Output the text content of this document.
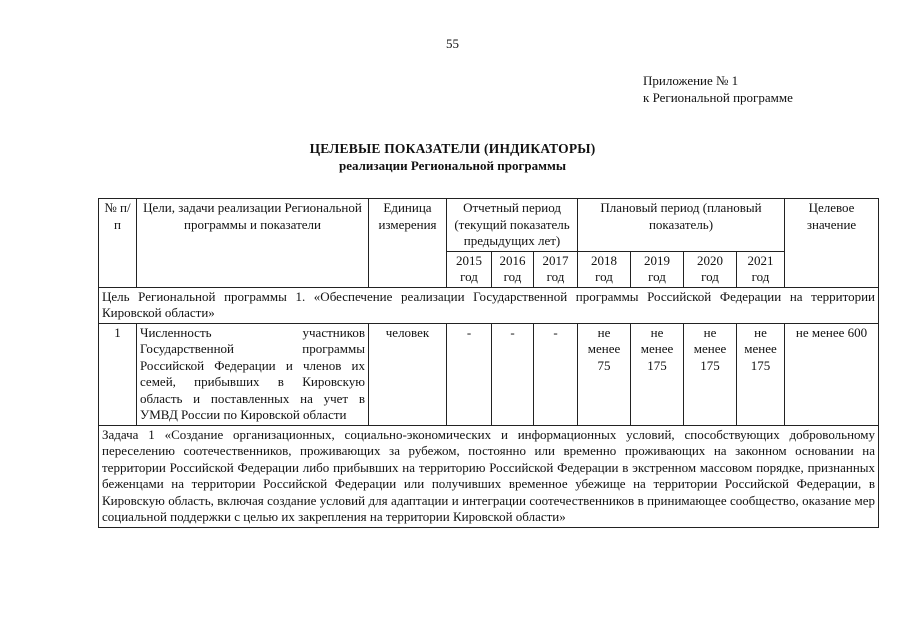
55
Приложение № 1
к Региональной программе
ЦЕЛЕВЫЕ ПОКАЗАТЕЛИ (ИНДИКАТОРЫ)
реализации Региональной программы
№ п/п	Цели, задачи реализации Региональной программы и показатели	Единица измерения	Отчетный период (текущий показатель предыдущих лет)			Плановый период (плановый показатель)				Целевое значение
			2015 год	2016 год	2017 год	2018 год	2019 год	2020 год	2021 год	
Цель Региональной программы 1. «Обеспечение реализации Государственной программы Российской Федерации на территории Кировской области»										
1	Численность участников Государственной программы Российской Федерации и членов их семей, прибывших в Кировскую область и поставленных на учет в УМВД России по Кировской области	человек	-	-	-	не менее 75	не менее 175	не менее 175	не менее 175	не менее 600
Задача 1 «Создание организационных, социально-экономических и информационных условий, способствующих добровольному переселению соотечественников, проживающих за рубежом, постоянно или временно проживающих на законном основании на территории Российской Федерации либо прибывших на территорию Российской Федерации в экстренном массовом порядке, признанных беженцами на территории Российской Федерации или получивших временное убежище на территории Российской Федерации, в Кировскую область, включая создание условий для адаптации и интеграции соотечественников в принимающее сообщество, оказание мер социальной поддержки с целью их закрепления на территории Кировской области»										
